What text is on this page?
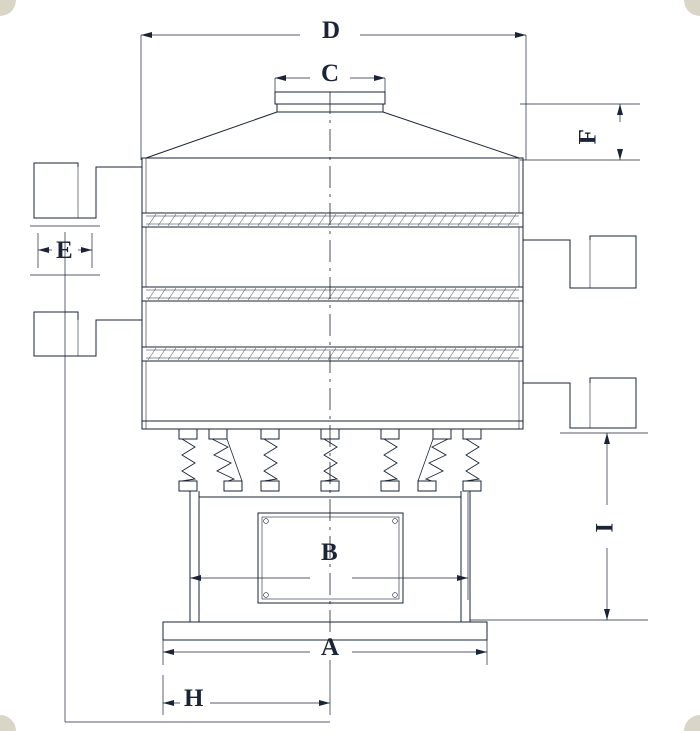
D
C
F
E
I
B
A
H
